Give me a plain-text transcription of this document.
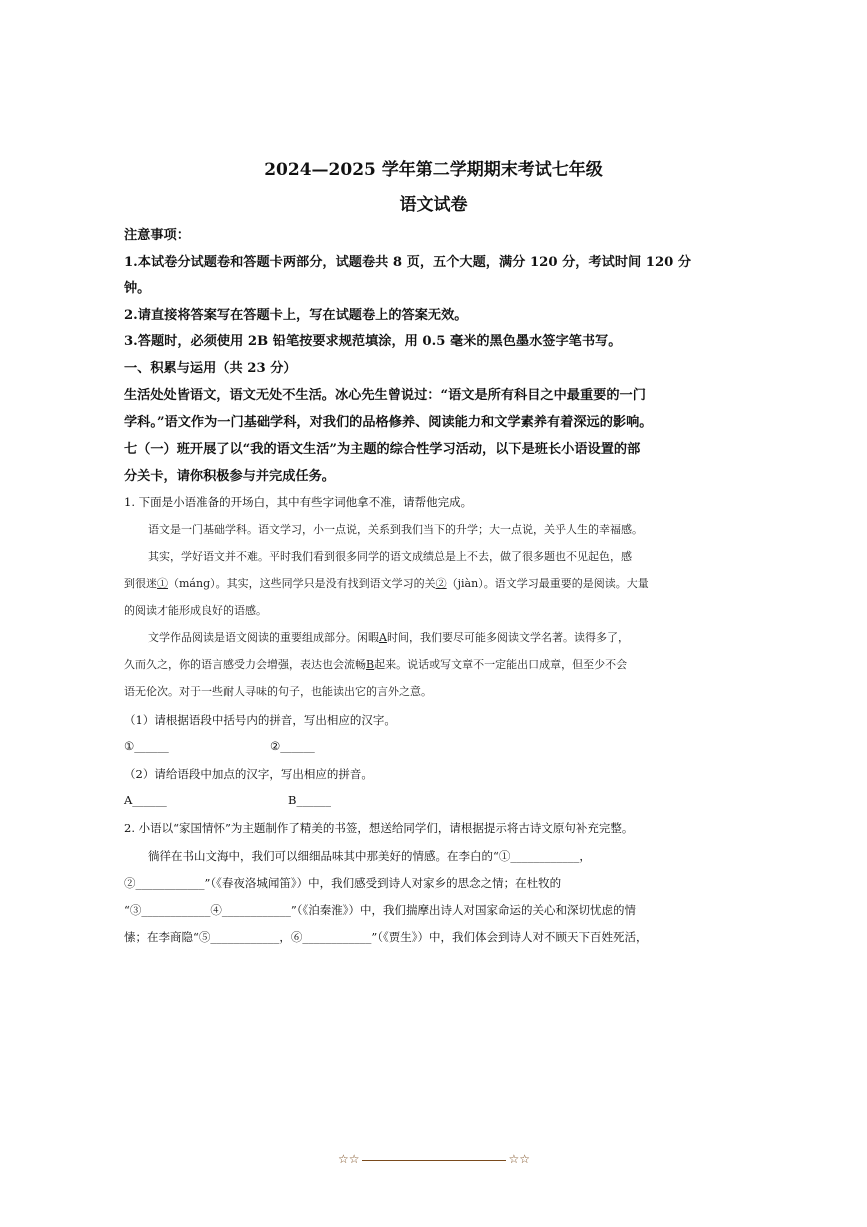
2024—2025 学年第二学期期末考试七年级
语文试卷
注意事项：
1.本试卷分试题卷和答题卡两部分，试题卷共 8 页，五个大题，满分 120 分，考试时间 120 分
钟。
2.请直接将答案写在答题卡上，写在试题卷上的答案无效。
3.答题时，必须使用 2B 铅笔按要求规范填涂，用 0.5 毫米的黑色墨水签字笔书写。
一、积累与运用（共 23 分）
生活处处皆语文，语文无处不生活。冰心先生曾说过：“语文是所有科目之中最重要的一门
学科。”语文作为一门基础学科，对我们的品格修养、阅读能力和文学素养有着深远的影响。
七（一）班开展了以“我的语文生活”为主题的综合性学习活动，以下是班长小语设置的部
分关卡，请你积极参与并完成任务。
1. 下面是小语准备的开场白，其中有些字词他拿不准，请帮他完成。
语文是一门基础学科。语文学习，小一点说，关系到我们当下的升学；大一点说，关乎人生的幸福感。
其实，学好语文并不难。平时我们看到很多同学的语文成绩总是上不去，做了很多题也不见起色，感
到很迷①（máng）。其实，这些同学只是没有找到语文学习的关②（jiàn）。语文学习最重要的是阅读。大量
的阅读才能形成良好的语感。
文学作品阅读是语文阅读的重要组成部分。闲暇A时间，我们要尽可能多阅读文学名著。读得多了，
久而久之，你的语言感受力会增强，表达也会流畅B起来。说话或写文章不一定能出口成章，但至少不会
语无伦次。对于一些耐人寻味的句子，也能读出它的言外之意。
（1）请根据语段中括号内的拼音，写出相应的汉字。
①______	②______
（2）请给语段中加点的汉字，写出相应的拼音。
A______	B______
2. 小语以“家国情怀”为主题制作了精美的书签，想送给同学们，请根据提示将古诗文原句补充完整。
徜徉在书山文海中，我们可以细细品味其中那美好的情感。在李白的“①____________，
②____________”（《春夜洛城闻笛》）中，我们感受到诗人对家乡的思念之情；在杜牧的
“③____________④____________”（《泊秦淮》）中，我们揣摩出诗人对国家命运的关心和深切忧虑的情
愫；在李商隐“⑤____________，⑥____________”（《贾生》）中，我们体会到诗人对不顾天下百姓死活，
☆☆	☆☆
